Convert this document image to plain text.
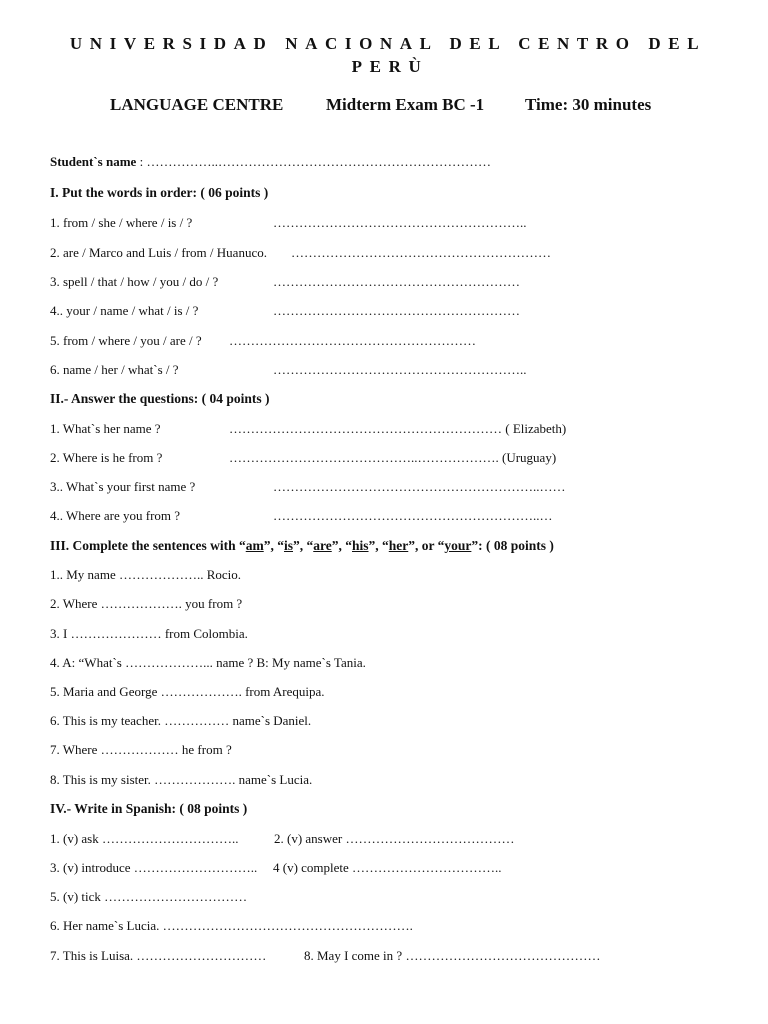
UNIVERSIDAD NACIONAL DEL CENTRO DEL
PERÙ
LANGUAGE CENTRE	Midterm Exam BC -1 Time: 30 minutes
Student`s name : ……………..………………………………………………………
I. Put the words in order: ( 06 points )
1. from / she / where / is / ?	…………………………………………………..
2. are / Marco and Luis / from / Huanuco. ……………………………………………………
3. spell / that / how / you / do / ?	…………………………………………………
4.. your / name / what / is / ?	…………………………………………………
5. from / where / you / are / ? …………………………………………………
6. name / her / what`s / ?	…………………………………………………..
II.- Answer the questions: ( 04 points )
1. What`s her name ?	……………………………………………………… ( Elizabeth)
2. Where is he from ?	……………………………………..………………. (Uruguay)
3.. What`s your first name ?	……………………………………………………..……
4.. Where are you from ?	……………………………………………………..…
III. Complete the sentences with “am”, “is”, “are”, “his”, “her”, or “your”: ( 08 points )
1.. My name ……………….. Rocio.
2. Where ………………. you from ?
3. I ………………… from Colombia.
4. A: “What`s ………………... name ? B: My name`s Tania.
5. Maria and George ………………. from Arequipa.
6. This is my teacher. …………… name`s Daniel.
7. Where ……………… he from ?
8. This is my sister. ………………. name`s Lucia.
IV.- Write in Spanish: ( 08 points )
1. (v) ask …………………………..	2. (v) answer …………………………………
3. (v) introduce ……………………….. 4 (v) complete ……………………………..
5. (v) tick ……………………………
6. Her name`s Lucia. ………………………………………………….
7. This is Luisa. …………………………	8. May I come in ? ………………………………………
